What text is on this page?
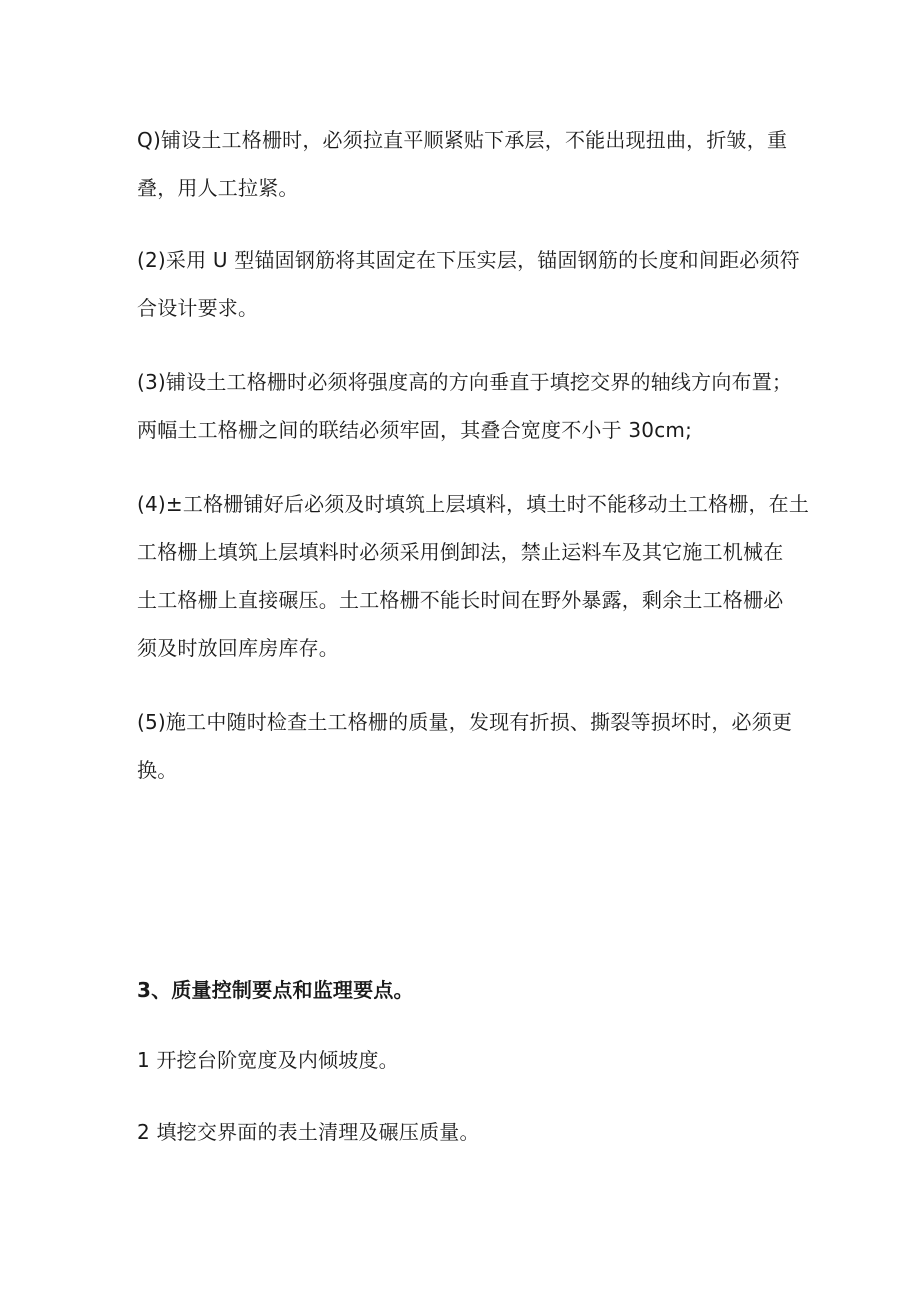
Q)铺设土工格栅时，必须拉直平顺紧贴下承层，不能出现扭曲，折皱，重
叠，用人工拉紧。
(2)采用 U 型锚固钢筋将其固定在下压实层，锚固钢筋的长度和间距必须符
合设计要求。
(3)铺设土工格栅时必须将强度高的方向垂直于填挖交界的轴线方向布置；
两幅土工格栅之间的联结必须牢固，其叠合宽度不小于 30cm;
(4)±工格栅铺好后必须及时填筑上层填料，填土时不能移动土工格栅，在土
工格栅上填筑上层填料时必须采用倒卸法，禁止运料车及其它施工机械在
土工格栅上直接碾压。土工格栅不能长时间在野外暴露，剩余土工格栅必
须及时放回库房库存。
(5)施工中随时检查土工格栅的质量，发现有折损、撕裂等损坏时，必须更
换。
3、质量控制要点和监理要点。
1 开挖台阶宽度及内倾坡度。
2 填挖交界面的表土清理及碾压质量。
